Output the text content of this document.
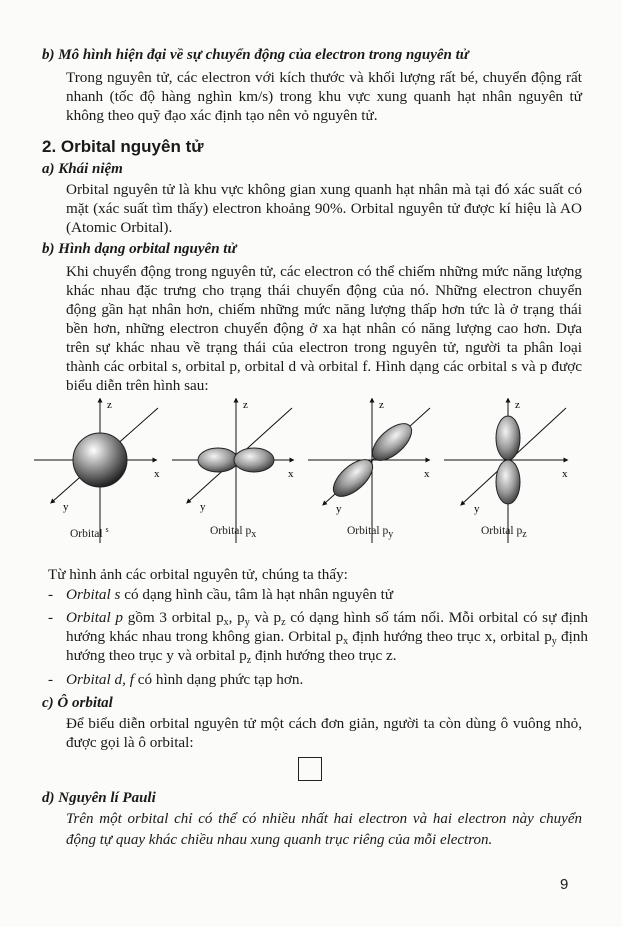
b) Mô hình hiện đại về sự chuyển động của electron trong nguyên tử
Trong nguyên tử, các electron với kích thước và khối lượng rất bé, chuyển động rất nhanh (tốc độ hàng nghìn km/s) trong khu vực xung quanh hạt nhân nguyên tử không theo quỹ đạo xác định tạo nên vỏ nguyên tử.
2. Orbital nguyên tử
a) Khái niệm
Orbital nguyên tử là khu vực không gian xung quanh hạt nhân mà tại đó xác suất có mặt (xác suất tìm thấy) electron khoảng 90%. Orbital nguyên tử được kí hiệu là AO (Atomic Orbital).
b) Hình dạng orbital nguyên tử
Khi chuyển động trong nguyên tử, các electron có thể chiếm những mức năng lượng khác nhau đặc trưng cho trạng thái chuyển động của nó. Những electron chuyển động gần hạt nhân hơn, chiếm những mức năng lượng thấp hơn tức là ở trạng thái bền hơn, những electron chuyển động ở xa hạt nhân có năng lượng cao hơn. Dựa trên sự khác nhau về trạng thái của electron trong nguyên tử, người ta phân loại thành các orbital s, orbital p, orbital d và orbital f. Hình dạng các orbital s và p được biểu diễn trên hình sau:
z
x
y
z
x
y
z
x
y
z
x
y
Orbital $^s$	Orbital $p_x$	Orbital $p_y$	Orbital $p_z$
Từ hình ảnh các orbital nguyên tử, chúng ta thấy:
- Orbital s có dạng hình cầu, tâm là hạt nhân nguyên tử
- Orbital p gồm 3 orbital $p_x$, $p_y$ và $p_z$ có dạng hình số tám nổi. Mỗi orbital có sự định hướng khác nhau trong không gian. Orbital $p_x$ định hướng theo trục x, orbital $p_y$ định hướng theo trục y và orbital $p_z$ định hướng theo trục z.
- Orbital d, f có hình dạng phức tạp hơn.
c) Ô orbital
Để biểu diễn orbital nguyên tử một cách đơn giản, người ta còn dùng ô vuông nhỏ, được gọi là ô orbital:
d) Nguyên lí Pauli
Trên một orbital chỉ có thể có nhiều nhất hai electron và hai electron này chuyển động tự quay khác chiều nhau xung quanh trục riêng của mỗi electron.
9
